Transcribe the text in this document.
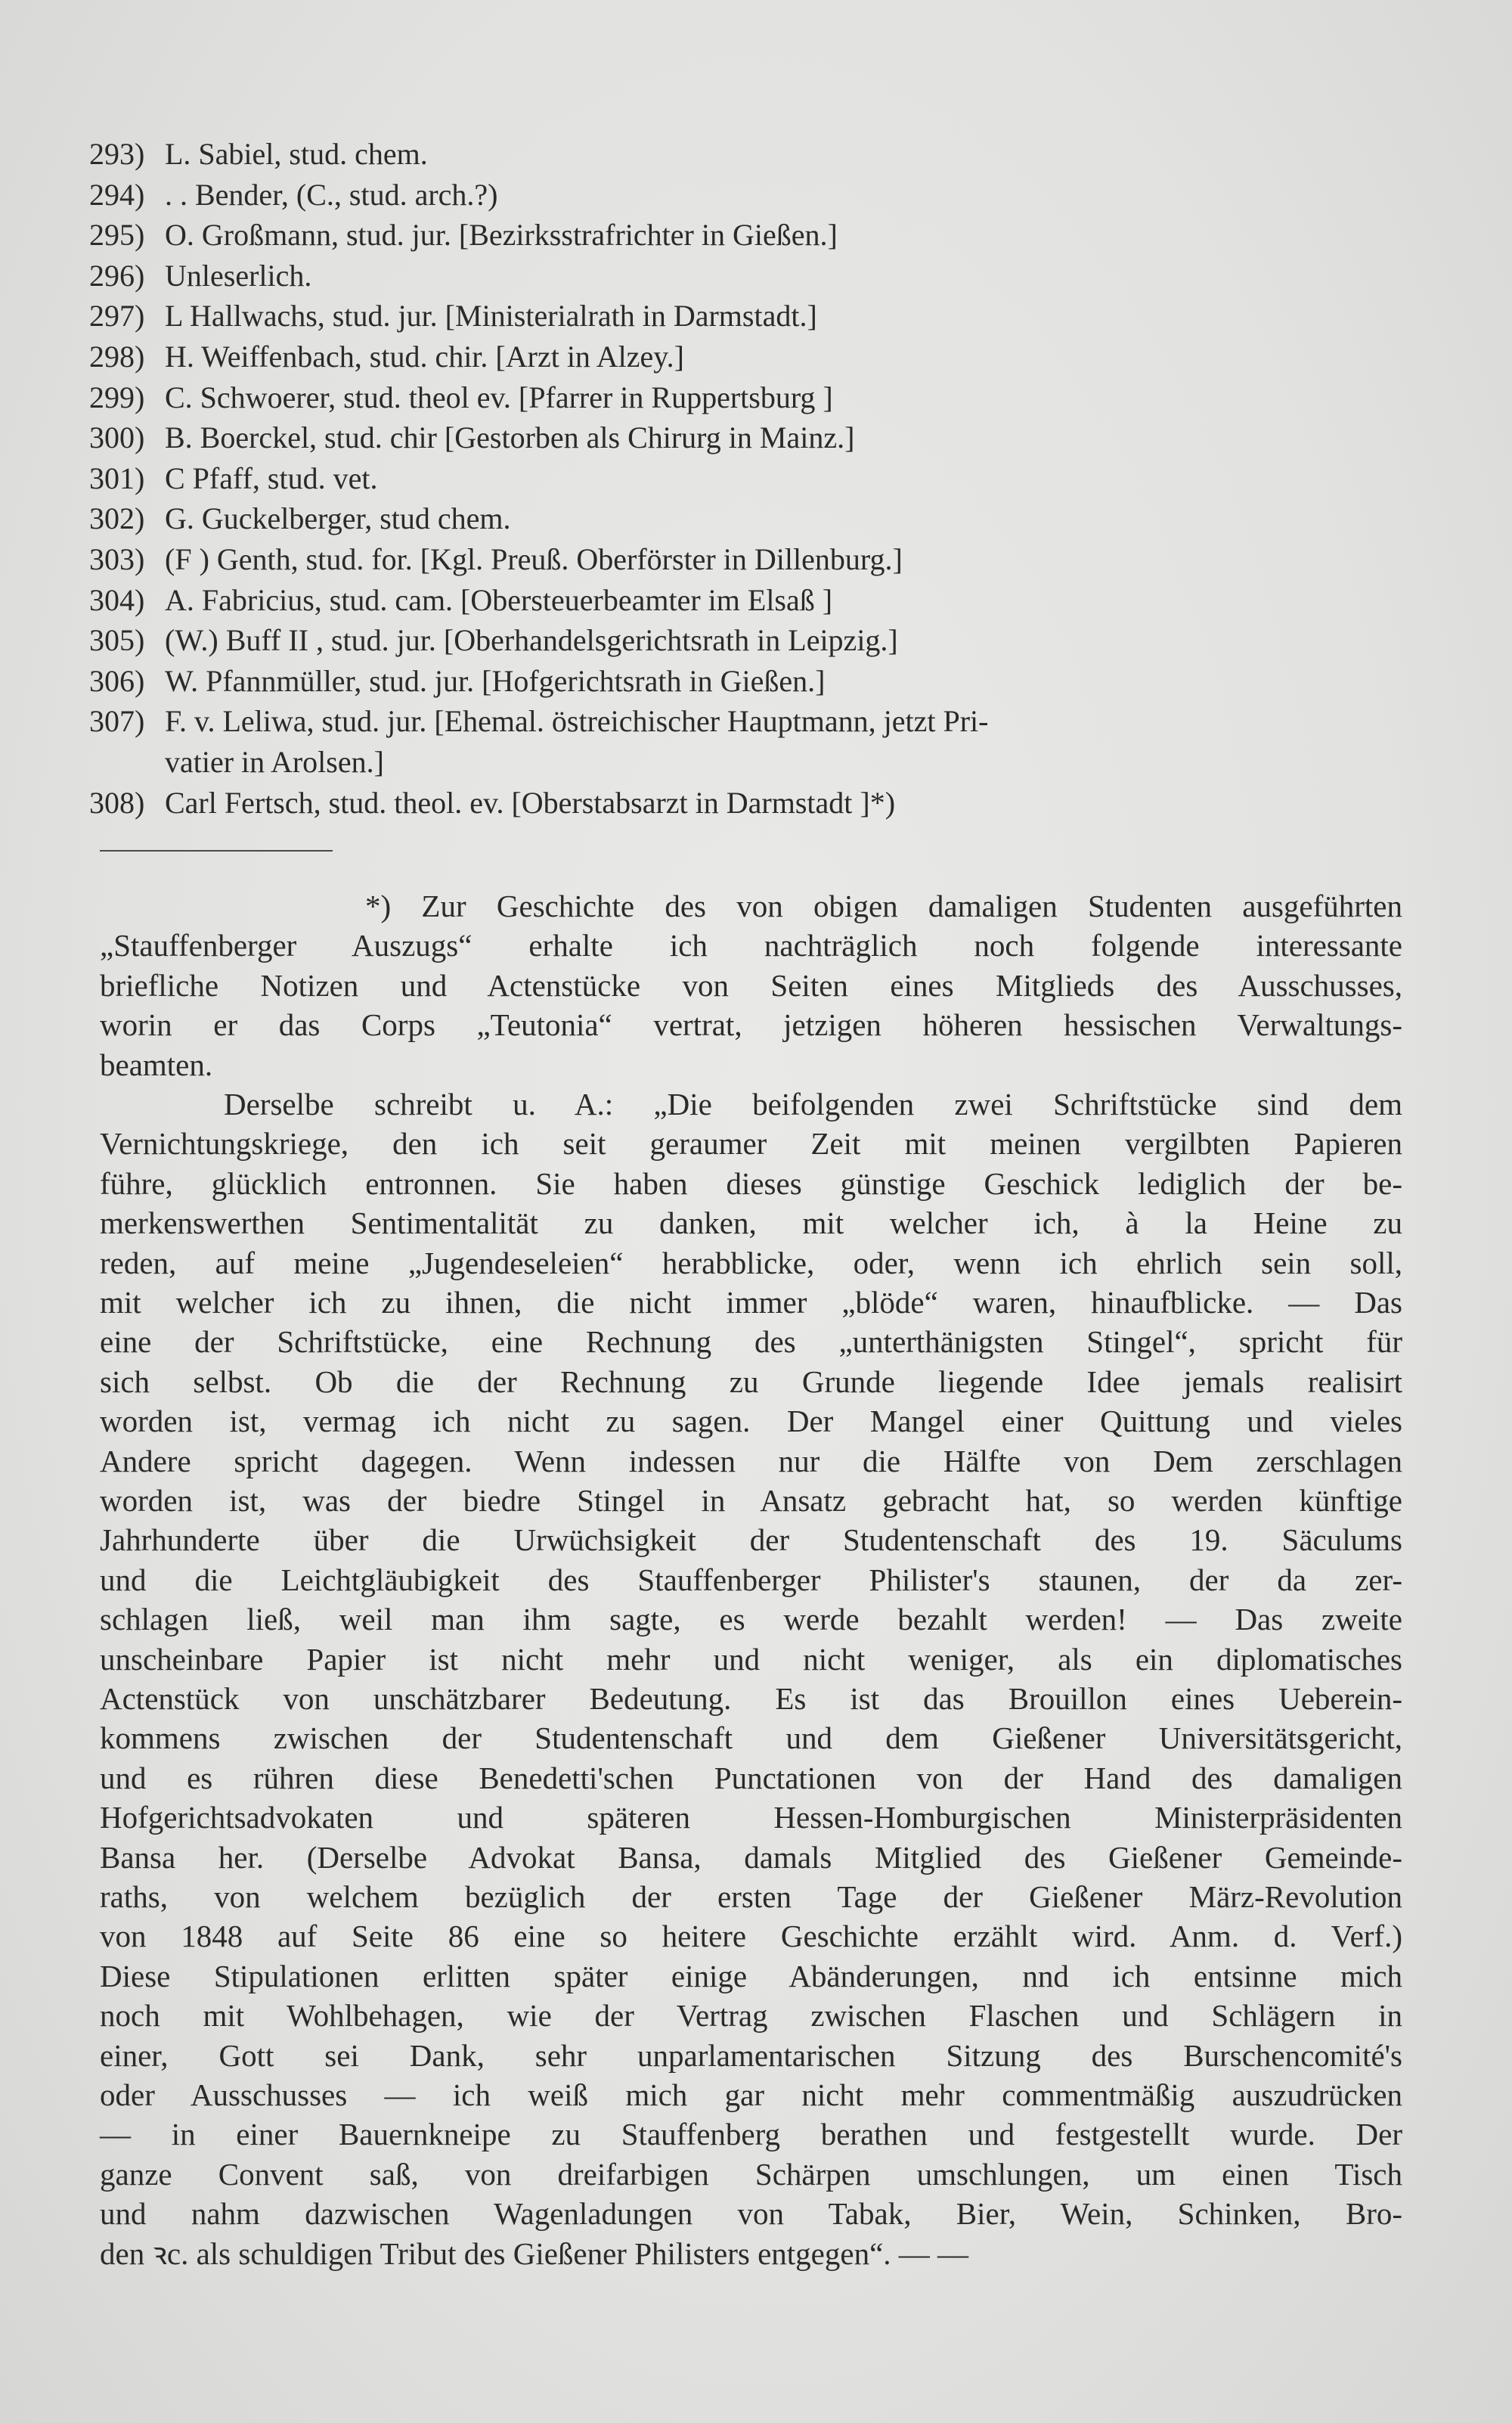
293) L. Sabiel, stud. chem.
294) . . Bender, (C., stud. arch.?)
295) O. Großmann, stud. jur. [Bezirksstrafrichter in Gießen.]
296) Unleserlich.
297) L Hallwachs, stud. jur. [Ministerialrath in Darmstadt.]
298) H. Weiffenbach, stud. chir. [Arzt in Alzey.]
299) C. Schwoerer, stud. theol ev. [Pfarrer in Ruppertsburg ]
300) B. Boerckel, stud. chir [Gestorben als Chirurg in Mainz.]
301) C Pfaff, stud. vet.
302) G. Guckelberger, stud chem.
303) (F ) Genth, stud. for. [Kgl. Preuß. Oberförster in Dillenburg.]
304) A. Fabricius, stud. cam. [Obersteuerbeamter im Elsaß ]
305) (W.) Buff II , stud. jur. [Oberhandelsgerichtsrath in Leipzig.]
306) W. Pfannmüller, stud. jur. [Hofgerichtsrath in Gießen.]
307) F. v. Leliwa, stud. jur. [Ehemal. östreichischer Hauptmann, jetzt Pri-
vatier in Arolsen.]
308) Carl Fertsch, stud. theol. ev. [Oberstabsarzt in Darmstadt ]*)
*) Zur Geschichte des von obigen damaligen Studenten ausgeführten
„Stauffenberger Auszugs“ erhalte ich nachträglich noch folgende interessante
briefliche Notizen und Actenstücke von Seiten eines Mitglieds des Ausschusses,
worin er das Corps „Teutonia“ vertrat, jetzigen höheren hessischen Verwaltungs-
beamten.
Derselbe schreibt u. A.: „Die beifolgenden zwei Schriftstücke sind dem
Vernichtungskriege, den ich seit geraumer Zeit mit meinen vergilbten Papieren
führe, glücklich entronnen. Sie haben dieses günstige Geschick lediglich der be-
merkenswerthen Sentimentalität zu danken, mit welcher ich, à la Heine zu
reden, auf meine „Jugendeseleien“ herabblicke, oder, wenn ich ehrlich sein soll,
mit welcher ich zu ihnen, die nicht immer „blöde“ waren, hinaufblicke. — Das
eine der Schriftstücke, eine Rechnung des „unterthänigsten Stingel“, spricht für
sich selbst. Ob die der Rechnung zu Grunde liegende Idee jemals realisirt
worden ist, vermag ich nicht zu sagen. Der Mangel einer Quittung und vieles
Andere spricht dagegen. Wenn indessen nur die Hälfte von Dem zerschlagen
worden ist, was der biedre Stingel in Ansatz gebracht hat, so werden künftige
Jahrhunderte über die Urwüchsigkeit der Studentenschaft des 19. Säculums
und die Leichtgläubigkeit des Stauffenberger Philister's staunen, der da zer-
schlagen ließ, weil man ihm sagte, es werde bezahlt werden! — Das zweite
unscheinbare Papier ist nicht mehr und nicht weniger, als ein diplomatisches
Actenstück von unschätzbarer Bedeutung. Es ist das Brouillon eines Ueberein-
kommens zwischen der Studentenschaft und dem Gießener Universitätsgericht,
und es rühren diese Benedetti'schen Punctationen von der Hand des damaligen
Hofgerichtsadvokaten und späteren Hessen-Homburgischen Ministerpräsidenten
Bansa her. (Derselbe Advokat Bansa, damals Mitglied des Gießener Gemeinde-
raths, von welchem bezüglich der ersten Tage der Gießener März-Revolution
von 1848 auf Seite 86 eine so heitere Geschichte erzählt wird. Anm. d. Verf.)
Diese Stipulationen erlitten später einige Abänderungen, nnd ich entsinne mich
noch mit Wohlbehagen, wie der Vertrag zwischen Flaschen und Schlägern in
einer, Gott sei Dank, sehr unparlamentarischen Sitzung des Burschencomité's
oder Ausschusses — ich weiß mich gar nicht mehr commentmäßig auszudrücken
— in einer Bauernkneipe zu Stauffenberg berathen und festgestellt wurde. Der
ganze Convent saß, von dreifarbigen Schärpen umschlungen, um einen Tisch
und nahm dazwischen Wagenladungen von Tabak, Bier, Wein, Schinken, Bro-
den ꝛc. als schuldigen Tribut des Gießener Philisters entgegen“. — —
